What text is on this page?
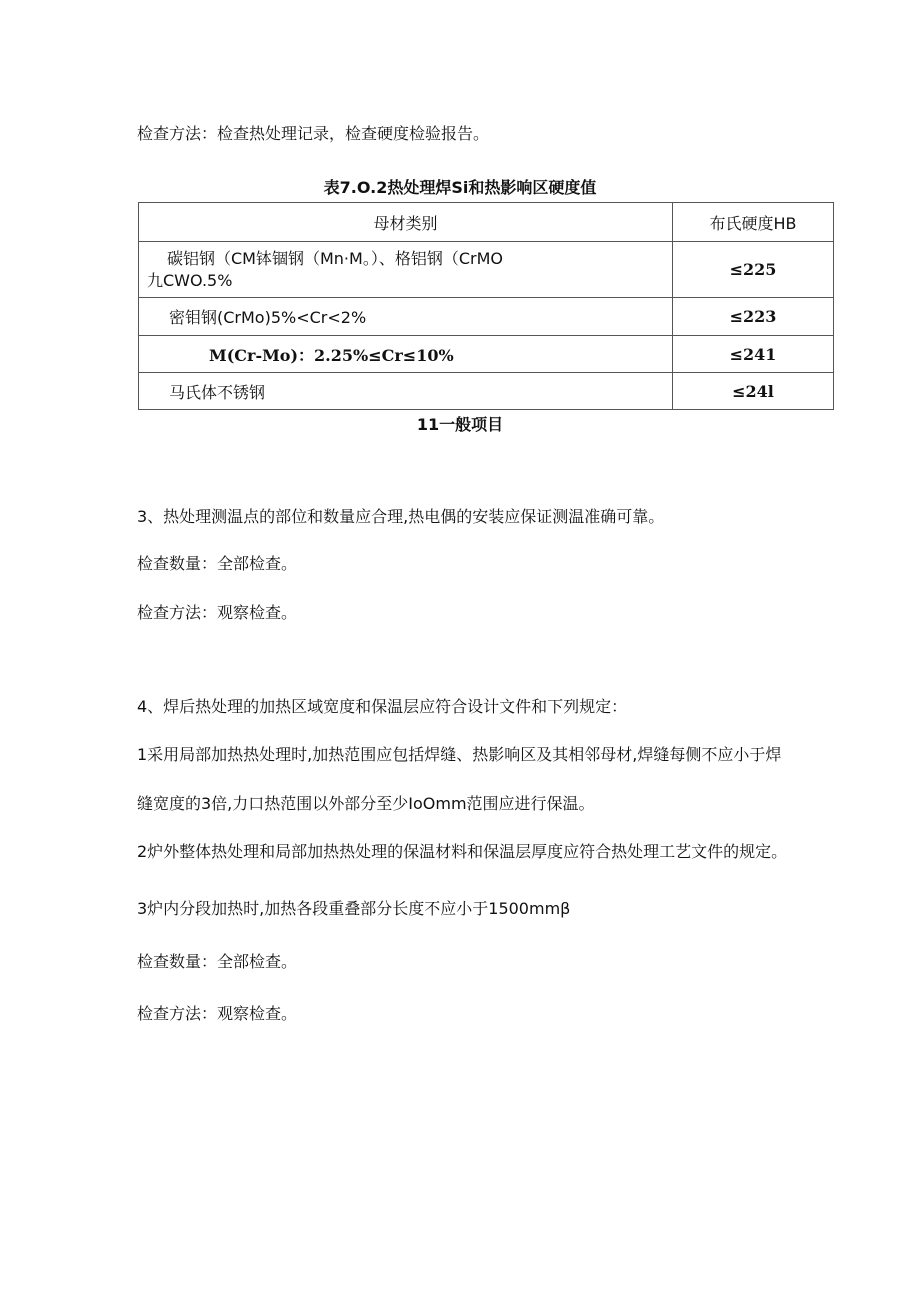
检查方法：检查热处理记录，检查硬度检验报告。
表7.O.2热处理焊Si和热影响区硬度值
母材类别	布氏硬度HB

碳铝钢（CM钵锢钢（Mn·M。）、格铝钢（CrMO
九CWO.5%	≤225
密钼钢(CrMo)5%<Cr<2%	≤223
M(Cr-Mo)：2.25%≤Cr≤10%	≤241
马氏体不锈钢	≤24l
11一般项目
3、热处理测温点的部位和数量应合理,热电偶的安装应保证测温准确可靠。
检查数量：全部检查。
检查方法：观察检查。
4、焊后热处理的加热区域宽度和保温层应符合设计文件和下列规定：
1采用局部加热热处理时,加热范围应包括焊缝、热影响区及其相邻母材,焊缝每侧不应小于焊
缝宽度的3倍,力口热范围以外部分至少IoOmm范围应进行保温。
2炉外整体热处理和局部加热热处理的保温材料和保温层厚度应符合热处理工艺文件的规定。
3炉内分段加热时,加热各段重叠部分长度不应小于1500mmβ
检查数量：全部检查。
检查方法：观察检查。
